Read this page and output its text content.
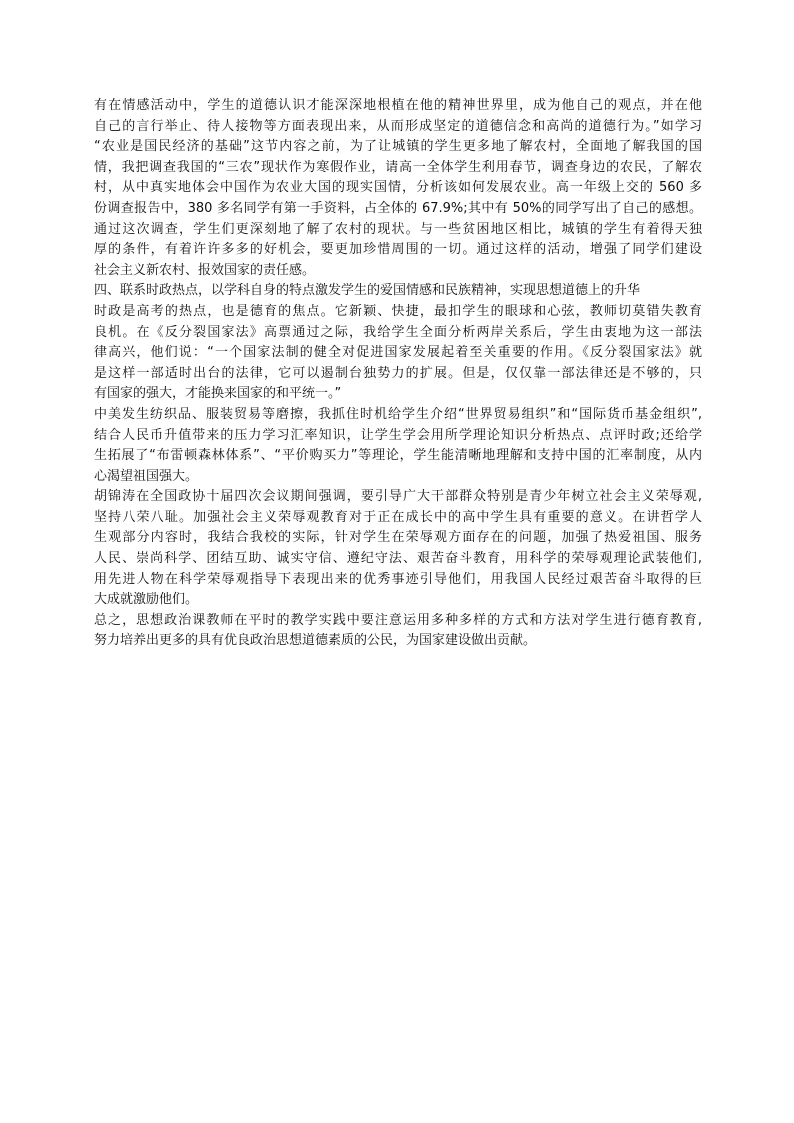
有在情感活动中，学生的道德认识才能深深地根植在他的精神世界里，成为他自己的观点，并在他
自己的言行举止、待人接物等方面表现出来，从而形成坚定的道德信念和高尚的道德行为。”如学习
“农业是国民经济的基础”这节内容之前，为了让城镇的学生更多地了解农村，全面地了解我国的国
情，我把调查我国的“三农”现状作为寒假作业，请高一全体学生利用春节，调查身边的农民，了解农
村，从中真实地体会中国作为农业大国的现实国情，分析该如何发展农业。高一年级上交的 560 多
份调查报告中，380 多名同学有第一手资料，占全体的 67.9%;其中有 50%的同学写出了自己的感想。
通过这次调查，学生们更深刻地了解了农村的现状。与一些贫困地区相比，城镇的学生有着得天独
厚的条件，有着许许多多的好机会，要更加珍惜周围的一切。通过这样的活动，增强了同学们建设
社会主义新农村、报效国家的责任感。
四、联系时政热点，以学科自身的特点激发学生的爱国情感和民族精神，实现思想道德上的升华
时政是高考的热点，也是德育的焦点。它新颖、快捷，最扣学生的眼球和心弦，教师切莫错失教育
良机。在《反分裂国家法》高票通过之际，我给学生全面分析两岸关系后，学生由衷地为这一部法
律高兴，他们说：“一个国家法制的健全对促进国家发展起着至关重要的作用。《反分裂国家法》就
是这样一部适时出台的法律，它可以遏制台独势力的扩展。但是，仅仅靠一部法律还是不够的，只
有国家的强大，才能换来国家的和平统一。”
中美发生纺织品、服装贸易等磨擦，我抓住时机给学生介绍“世界贸易组织”和“国际货币基金组织”,
结合人民币升值带来的压力学习汇率知识，让学生学会用所学理论知识分析热点、点评时政;还给学
生拓展了“布雷顿森林体系”、“平价购买力”等理论，学生能清晰地理解和支持中国的汇率制度，从内
心渴望祖国强大。
胡锦涛在全国政协十届四次会议期间强调，要引导广大干部群众特别是青少年树立社会主义荣辱观,
坚持八荣八耻。加强社会主义荣辱观教育对于正在成长中的高中学生具有重要的意义。在讲哲学人
生观部分内容时，我结合我校的实际，针对学生在荣辱观方面存在的问题，加强了热爱祖国、服务
人民、崇尚科学、团结互助、诚实守信、遵纪守法、艰苦奋斗教育，用科学的荣辱观理论武装他们,
用先进人物在科学荣辱观指导下表现出来的优秀事迹引导他们，用我国人民经过艰苦奋斗取得的巨
大成就激励他们。
总之，思想政治课教师在平时的教学实践中要注意运用多种多样的方式和方法对学生进行德育教育,
努力培养出更多的具有优良政治思想道德素质的公民，为国家建设做出贡献。
